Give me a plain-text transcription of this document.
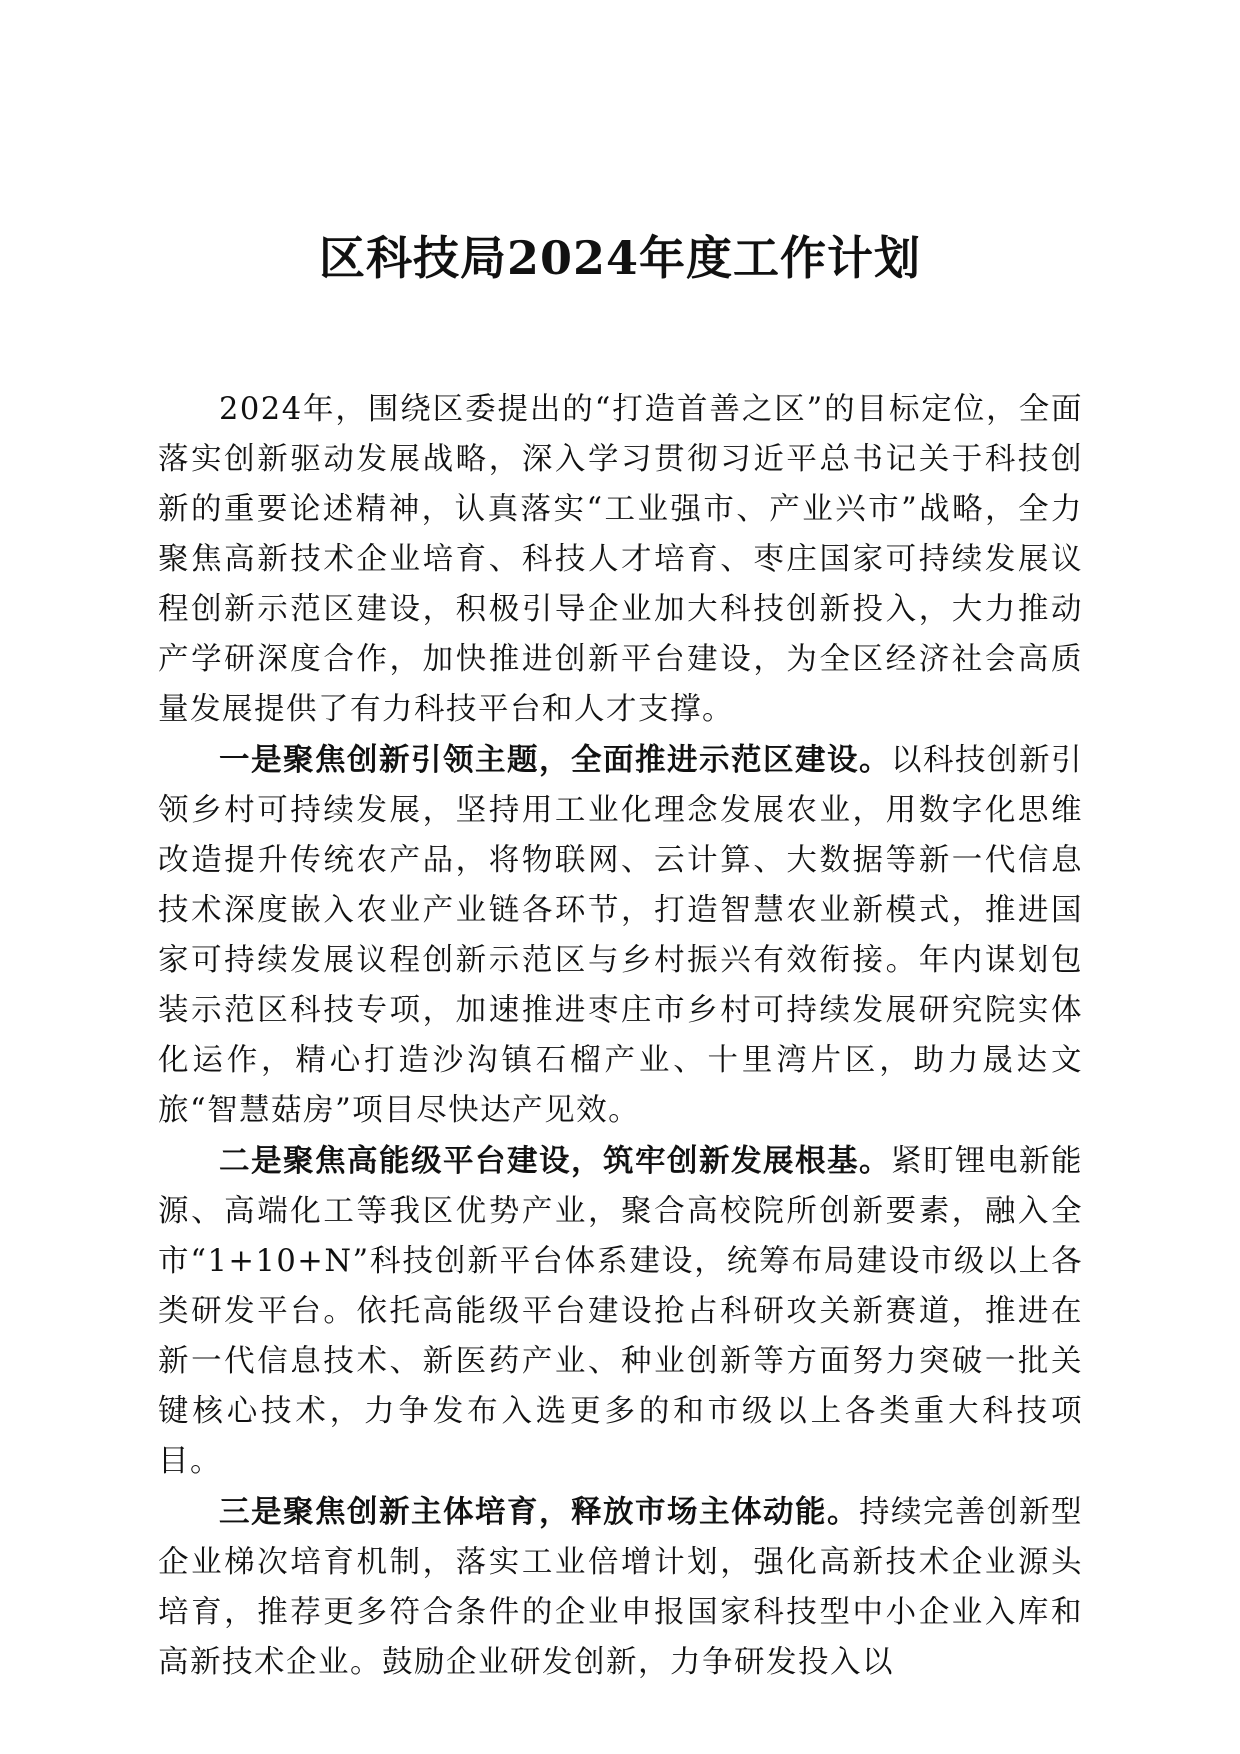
区科技局2024年度工作计划

2024年，围绕区委提出的“打造首善之区”的目标定位，全面落实创新驱动发展战略，深入学习贯彻习近平总书记关于科技创新的重要论述精神，认真落实“工业强市、产业兴市”战略，全力聚焦高新技术企业培育、科技人才培育、枣庄国家可持续发展议程创新示范区建设，积极引导企业加大科技创新投入，大力推动产学研深度合作，加快推进创新平台建设，为全区经济社会高质量发展提供了有力科技平台和人才支撑。

一是聚焦创新引领主题，全面推进示范区建设。以科技创新引领乡村可持续发展，坚持用工业化理念发展农业，用数字化思维改造提升传统农产品，将物联网、云计算、大数据等新一代信息技术深度嵌入农业产业链各环节，打造智慧农业新模式，推进国家可持续发展议程创新示范区与乡村振兴有效衔接。年内谋划包装示范区科技专项，加速推进枣庄市乡村可持续发展研究院实体化运作，精心打造沙沟镇石榴产业、十里湾片区，助力晟达文旅“智慧菇房”项目尽快达产见效。

二是聚焦高能级平台建设，筑牢创新发展根基。紧盯锂电新能源、高端化工等我区优势产业，聚合高校院所创新要素，融入全市“1+10+N”科技创新平台体系建设，统筹布局建设市级以上各类研发平台。依托高能级平台建设抢占科研攻关新赛道，推进在新一代信息技术、新医药产业、种业创新等方面努力突破一批关键核心技术，力争发布入选更多的和市级以上各类重大科技项目。

三是聚焦创新主体培育，释放市场主体动能。持续完善创新型企业梯次培育机制，落实工业倍增计划，强化高新技术企业源头培育，推荐更多符合条件的企业申报国家科技型中小企业入库和高新技术企业。鼓励企业研发创新，力争研发投入以
